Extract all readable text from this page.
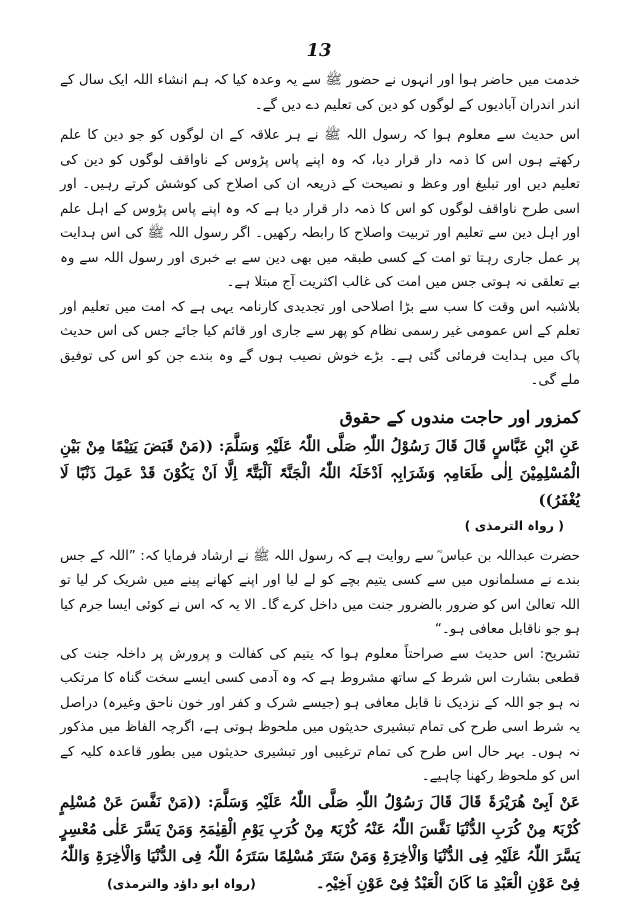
13

خدمت میں حاضر ہوا اور انہوں نے حضور ﷺ سے یہ وعدہ کیا کہ ہم انشاء اللہ ایک سال کے اندر اندران آبادیوں کے لوگوں کو دین کی تعلیم دے دیں گے۔

اس حدیث سے معلوم ہوا کہ رسول اللہ ﷺ نے ہر علاقہ کے ان لوگوں کو جو دین کا علم رکھتے ہوں اس کا ذمہ دار قرار دیا، کہ وہ اپنے پاس پڑوس کے ناواقف لوگوں کو دین کی تعلیم دیں اور تبلیغ اور وعظ و نصیحت کے ذریعہ ان کی اصلاح کی کوشش کرتے رہیں۔ اور اسی طرح ناواقف لوگوں کو اس کا ذمہ دار قرار دیا ہے کہ وہ اپنے پاس پڑوس کے اہل علم اور اہل دین سے تعلیم اور تربیت واصلاح کا رابطہ رکھیں۔ اگر رسول اللہ ﷺ کی اس ہدایت پر عمل جاری رہتا تو امت کے کسی طبقہ میں بھی دین سے بے خبری اور رسول اللہ سے وہ بے تعلقی نہ ہوتی جس میں امت کی غالب اکثریت آج مبتلا ہے۔

بلاشبہ اس وقت کا سب سے بڑا اصلاحی اور تجدیدی کارنامہ یہی ہے کہ امت میں تعلیم اور تعلم کے اس عمومی غیر رسمی نظام کو پھر سے جاری اور قائم کیا جائے جس کی اس حدیث پاک میں ہدایت فرمائی گئی ہے۔ بڑے خوش نصیب ہوں گے وہ بندے جن کو اس کی توفیق ملے گی۔

کمزور اور حاجت مندوں کے حقوق

عَنِ ابْنِ عَبَّاسٍ قَالَ قَالَ رَسُوْلُ اللّٰہِ صَلَّی اللّٰہُ عَلَیْہِ وَسَلَّمَ: ((مَنْ قَبَضَ یَتِیْمًا مِنْ بَیْنِ الْمُسْلِمِیْنَ اِلٰی طَعَامِہٖ وَشَرَابِہٖ اَدْخَلَہُ اللّٰہُ الْجَنَّۃَ اَلْبَتَّۃَ اِلَّا اَنْ یَکُوْنَ قَدْ عَمِلَ ذَنْبًا لَا یُغْفَرُ))

( رواہ الترمذی )

حضرت عبداللہ بن عباس ؓ سے روایت ہے کہ رسول اللہ ﷺ نے ارشاد فرمایا کہ: ”اللہ کے جس بندے نے مسلمانوں میں سے کسی یتیم بچے کو لے لیا اور اپنے کھانے پینے میں شریک کر لیا تو اللہ تعالیٰ اس کو ضرور بالضرور جنت میں داخل کرے گا۔ الا یہ کہ اس نے کوئی ایسا جرم کیا ہو جو ناقابل معافی ہو۔“

تشریح: اس حدیث سے صراحتاً معلوم ہوا کہ یتیم کی کفالت و پرورش پر داخلہ جنت کی قطعی بشارت اس شرط کے ساتھ مشروط ہے کہ وہ آدمی کسی ایسے سخت گناہ کا مرتکب نہ ہو جو اللہ کے نزدیک نا قابل معافی ہو (جیسے شرک و کفر اور خون ناحق وغیرہ) دراصل یہ شرط اسی طرح کی تمام تبشیری حدیثوں میں ملحوظ ہوتی ہے، اگرچہ الفاظ میں مذکور نہ ہوں۔ بہر حال اس طرح کی تمام ترغیبی اور تبشیری حدیثوں میں بطور قاعدہ کلیہ کے اس کو ملحوظ رکھنا چاہیے۔

عَنْ اَبِیْ ھُرَیْرَۃَ قَالَ قَالَ رَسُوْلُ اللّٰہِ صَلَّی اللّٰہُ عَلَیْہِ وَسَلَّمَ: ((مَنْ نَفَّسَ عَنْ مُسْلِمٍ کُرْبَۃً مِنْ کُرَبِ الدُّنْیَا نَفَّسَ اللّٰہُ عَنْہُ کُرْبَۃً مِنْ کُرَبِ یَوْمِ الْقِیٰمَۃِ وَمَنْ یَسَّرَ عَلٰی مُعْسِرٍ یَسَّرَ اللّٰہُ عَلَیْہِ فِی الدُّنْیَا وَالْاٰخِرَۃِ وَمَنْ سَتَرَ مُسْلِمًا سَتَرَہُ اللّٰہُ فِی الدُّنْیَا وَالْاٰخِرَۃِ وَاللّٰہُ فِیْ عَوْنِ الْعَبْدِ مَا کَانَ الْعَبْدُ فِیْ عَوْنِ اَخِیْہِ۔(رواہ ابو داؤد والترمذی)
